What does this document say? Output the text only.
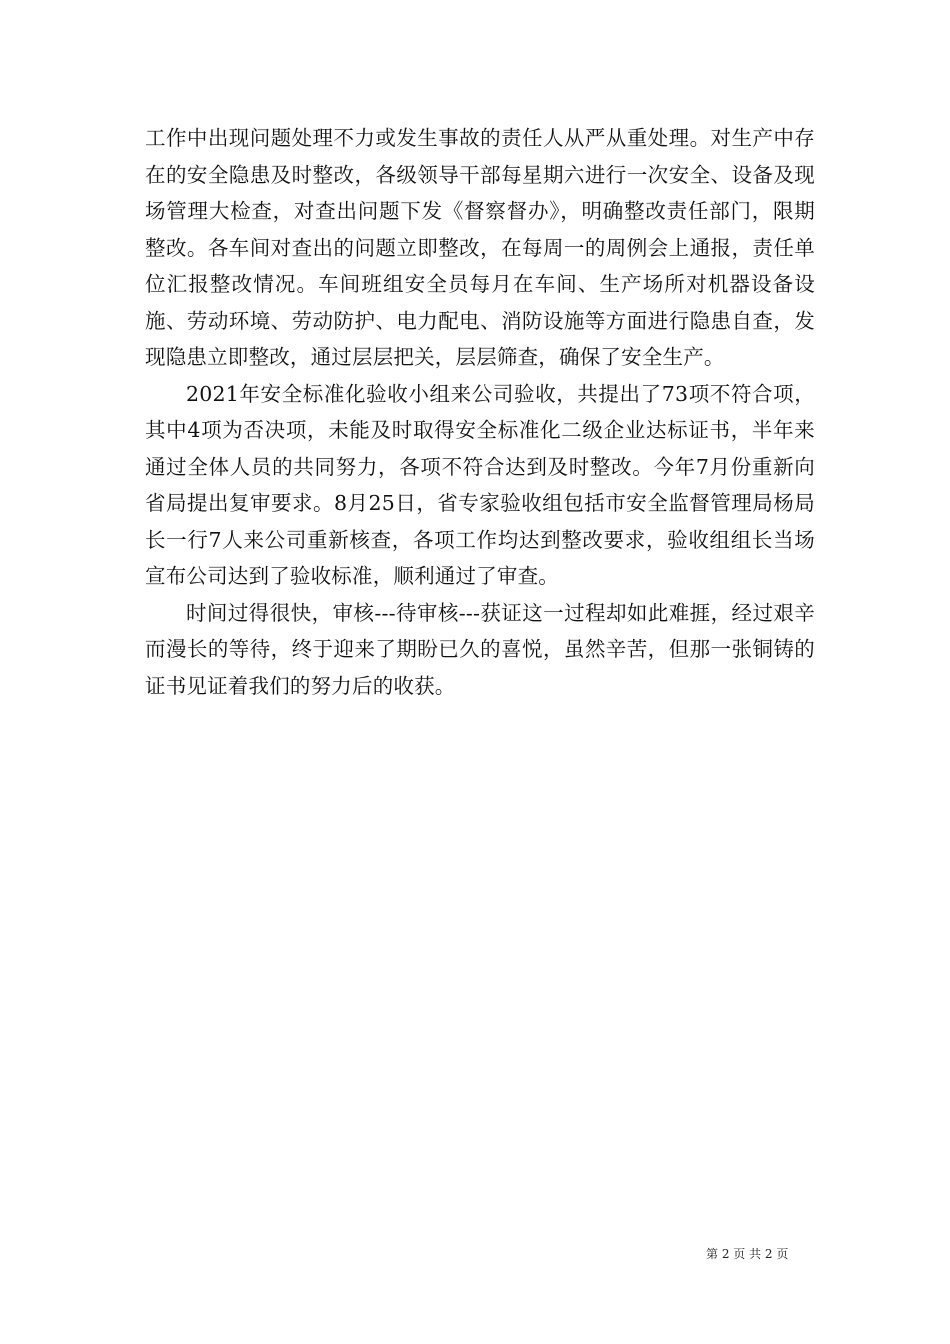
工作中出现问题处理不力或发生事故的责任人从严从重处理。对生产中存在的安全隐患及时整改，各级领导干部每星期六进行一次安全、设备及现场管理大检查，对查出问题下发《督察督办》，明确整改责任部门，限期整改。各车间对查出的问题立即整改，在每周一的周例会上通报，责任单位汇报整改情况。车间班组安全员每月在车间、生产场所对机器设备设施、劳动环境、劳动防护、电力配电、消防设施等方面进行隐患自查，发现隐患立即整改，通过层层把关，层层筛查，确保了安全生产。

2021年安全标准化验收小组来公司验收，共提出了73项不符合项，其中4项为否决项，未能及时取得安全标准化二级企业达标证书，半年来通过全体人员的共同努力，各项不符合达到及时整改。今年7月份重新向省局提出复审要求。8月25日，省专家验收组包括市安全监督管理局杨局长一行7人来公司重新核查，各项工作均达到整改要求，验收组组长当场宣布公司达到了验收标准，顺利通过了审查。

时间过得很快，审核---待审核---获证这一过程却如此难捱，经过艰辛而漫长的等待，终于迎来了期盼已久的喜悦，虽然辛苦，但那一张铜铸的证书见证着我们的努力后的收获。

第 2 页 共 2 页
